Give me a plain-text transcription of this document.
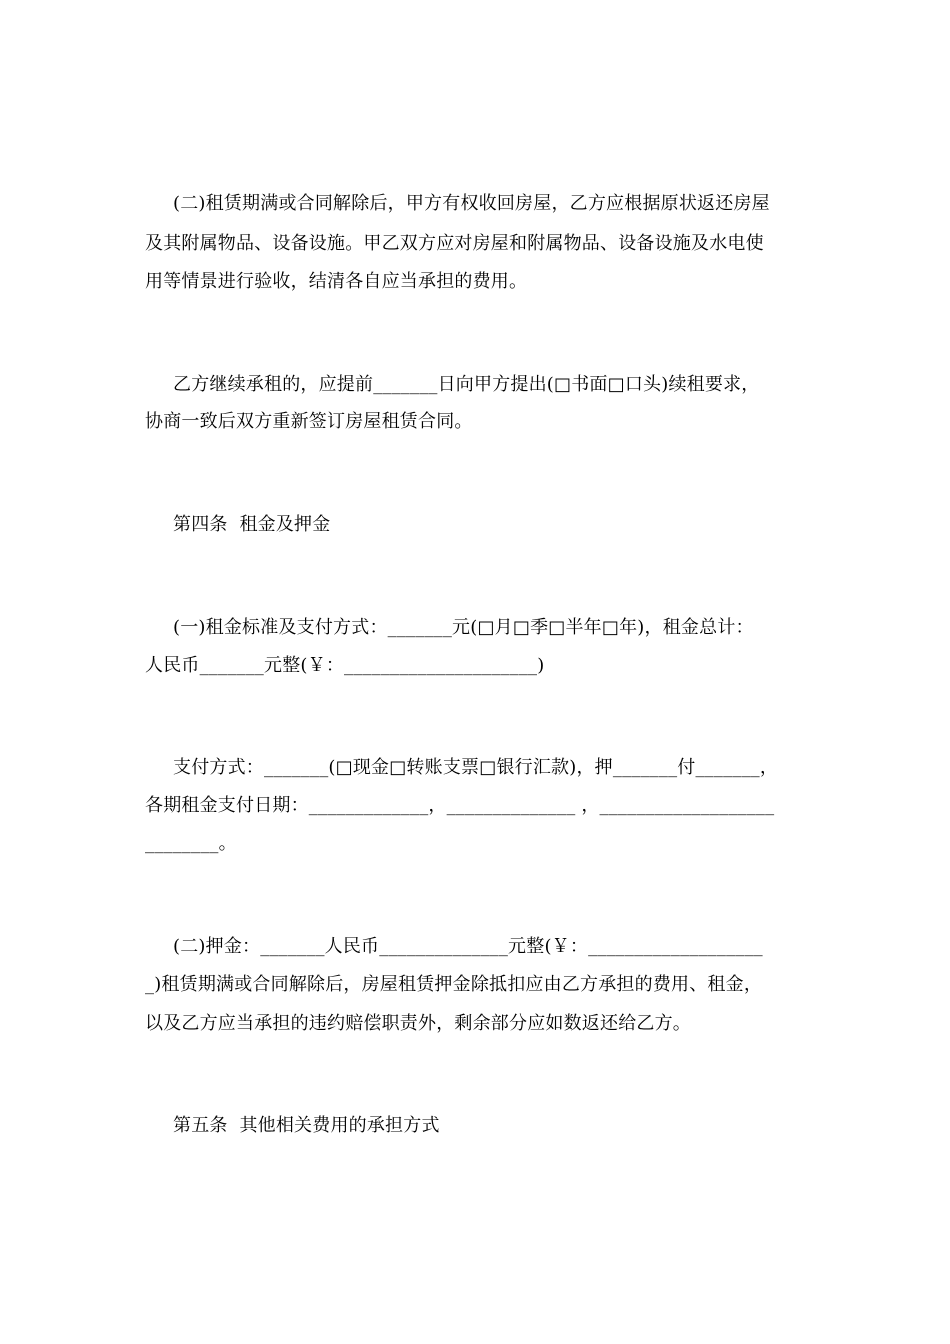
(二)租赁期满或合同解除后，甲方有权收回房屋，乙方应根据原状返还房屋
及其附属物品、设备设施。甲乙双方应对房屋和附属物品、设备设施及水电使
用等情景进行验收，结清各自应当承担的费用。
乙方继续承租的，应提前_______日向甲方提出(□书面□口头)续租要求，
协商一致后双方重新签订房屋租赁合同。
第四条  租金及押金
(一)租金标准及支付方式：_______元(□月□季□半年□年)，租金总计：
人民币_______元整(￥：_____________________)
支付方式：_______(□现金□转账支票□银行汇款)，押_______付_______，
各期租金支付日期：_____________，______________ ，___________________
________。
(二)押金：_______人民币______________元整(￥：___________________
_)租赁期满或合同解除后，房屋租赁押金除抵扣应由乙方承担的费用、租金，
以及乙方应当承担的违约赔偿职责外，剩余部分应如数返还给乙方。
第五条  其他相关费用的承担方式
